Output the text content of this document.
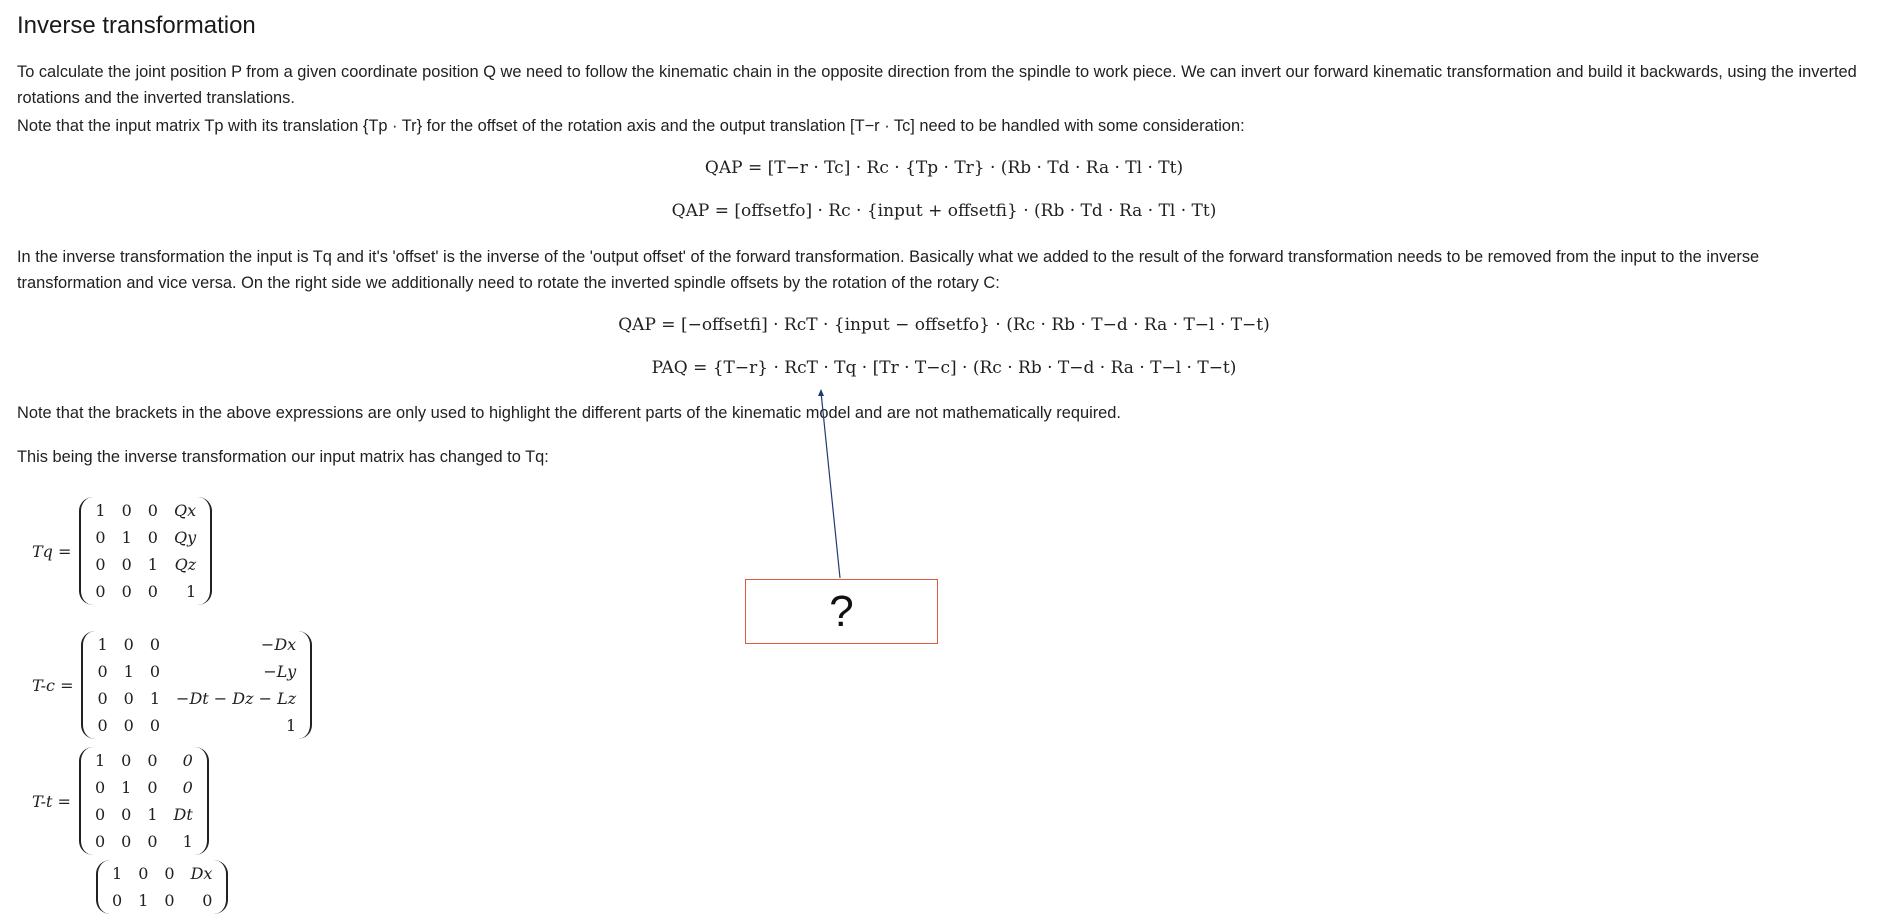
Inverse transformation

To calculate the joint position P from a given coordinate position Q we need to follow the kinematic chain in the opposite direction from the spindle to work piece. We can invert our forward kinematic transformation and build it backwards, using the inverted rotations and the inverted translations.

Note that the input matrix Tp with its translation {Tp · Tr} for the offset of the rotation axis and the output translation [T−r · Tc] need to be handled with some consideration:

QAP = [T−r · Tc] · Rc · {Tp · Tr} · (Rb · Td · Ra · Tl · Tt)
QAP = [offsetfo] · Rc · {input + offsetfi} · (Rb · Td · Ra · Tl · Tt)

In the inverse transformation the input is Tq and it's 'offset' is the inverse of the 'output offset' of the forward transformation. Basically what we added to the result of the forward transformation needs to be removed from the input to the inverse transformation and vice versa. On the right side we additionally need to rotate the inverted spindle offsets by the rotation of the rotary C:

QAP = [−offsetfi] · RcT · {input − offsetfo} · (Rc · Rb · T−d · Ra · T−l · T−t)
PAQ = {T−r} · RcT · Tq · [Tr · T−c] · (Rc · Rb · T−d · Ra · T−l · T−t)

Note that the brackets in the above expressions are only used to highlight the different parts of the kinematic model and are not mathematically required.

This being the inverse transformation our input matrix has changed to Tq:

Tq =
1	0	0	Qx
0	1	0	Qy
0	0	1	Qz
0	0	0	1
T-c =
1	0	0	−Dx
0	1	0	−Ly
0	0	1	−Dt − Dz − Lz
0	0	0	1
T-t =
1	0	0	0
0	1	0	0
0	0	1	Dt
0	0	0	1
1	0	0	Dx
0	1	0	0
?
